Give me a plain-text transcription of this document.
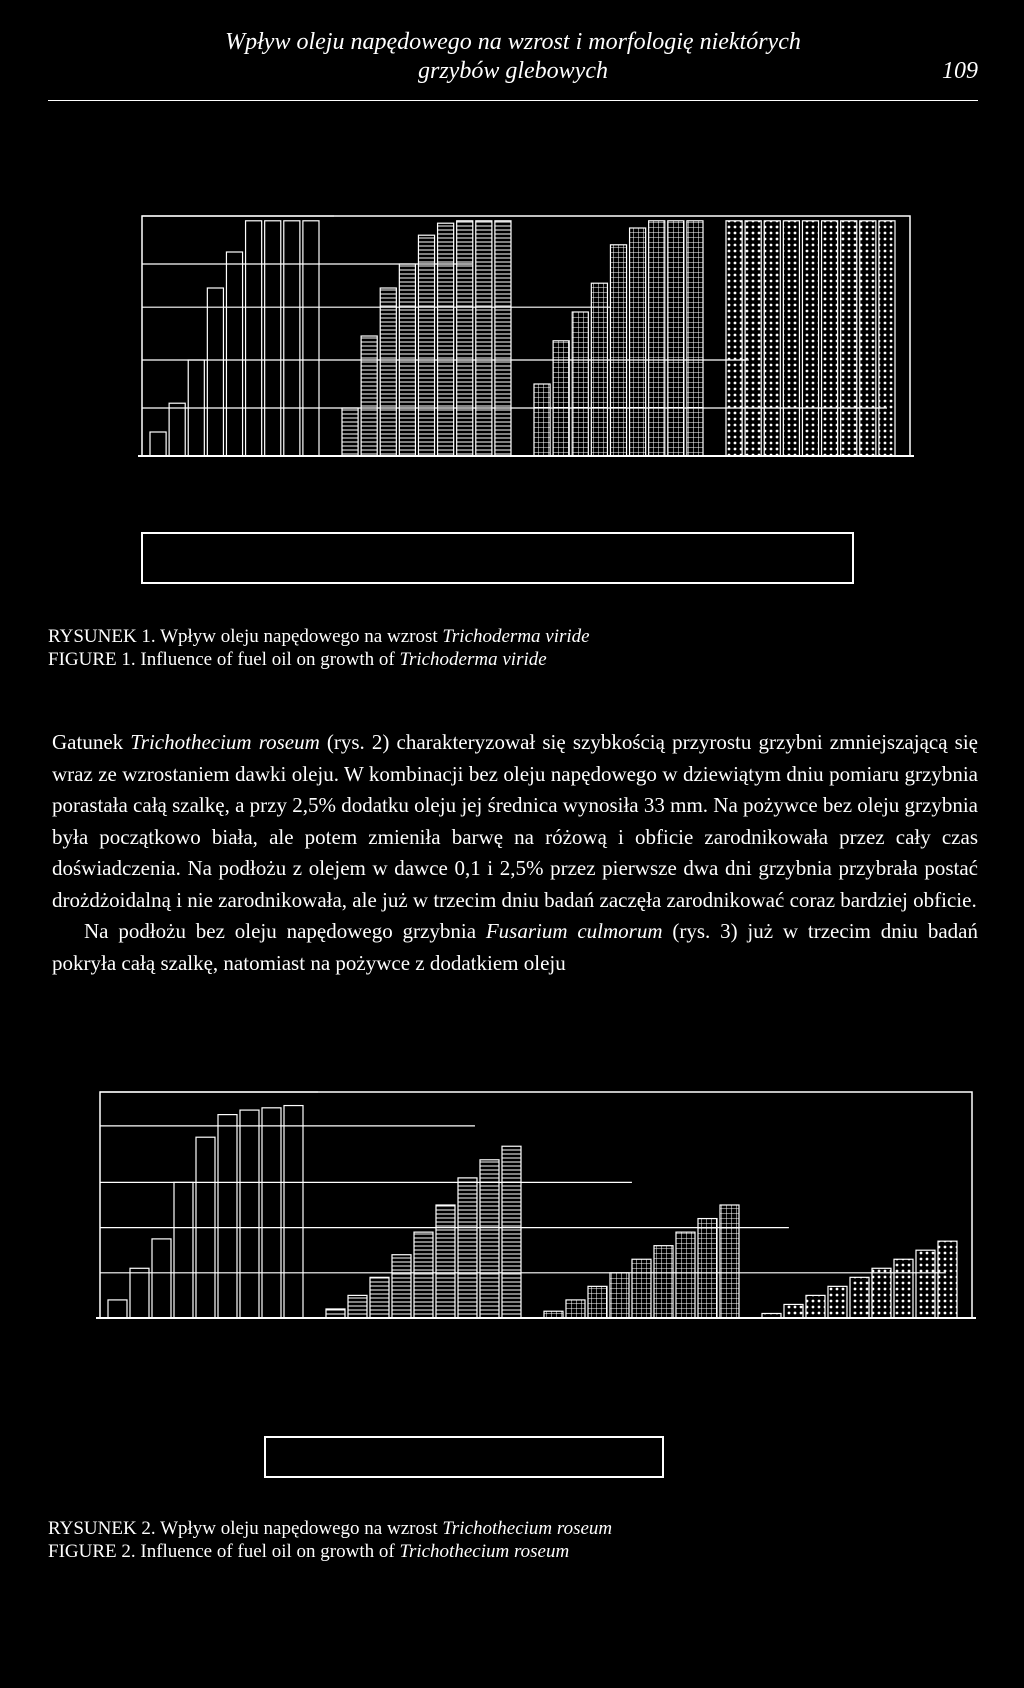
Wpływ oleju napędowego na wzrost i morfologię niektórych
grzybów glebowych	109
RYSUNEK 1. Wpływ oleju napędowego na wzrost Trichoderma viride
FIGURE 1. Influence of fuel oil on growth of Trichoderma viride

Gatunek Trichothecium roseum (rys. 2) charakteryzował się szybkością przyrostu grzybni zmniejszającą się wraz ze wzrostaniem dawki oleju. W kombinacji bez oleju napędowego w dziewiątym dniu pomiaru grzybnia porastała całą szalkę, a przy 2,5% dodatku oleju jej średnica wynosiła 33 mm. Na pożywce bez oleju grzybnia była początkowo biała, ale potem zmieniła barwę na różową i obficie zarodnikowała przez cały czas doświadczenia. Na podłożu z olejem w dawce 0,1 i 2,5% przez pierwsze dwa dni grzybnia przybrała postać drożdżoidalną i nie zarodnikowała, ale już w trzecim dniu badań zaczęła zarodnikować coraz bardziej obficie.

Na podłożu bez oleju napędowego grzybnia Fusarium culmorum (rys. 3) już w trzecim dniu badań pokryła całą szalkę, natomiast na pożywce z dodatkiem oleju

RYSUNEK 2. Wpływ oleju napędowego na wzrost Trichothecium roseum
FIGURE 2. Influence of fuel oil on growth of Trichothecium roseum
